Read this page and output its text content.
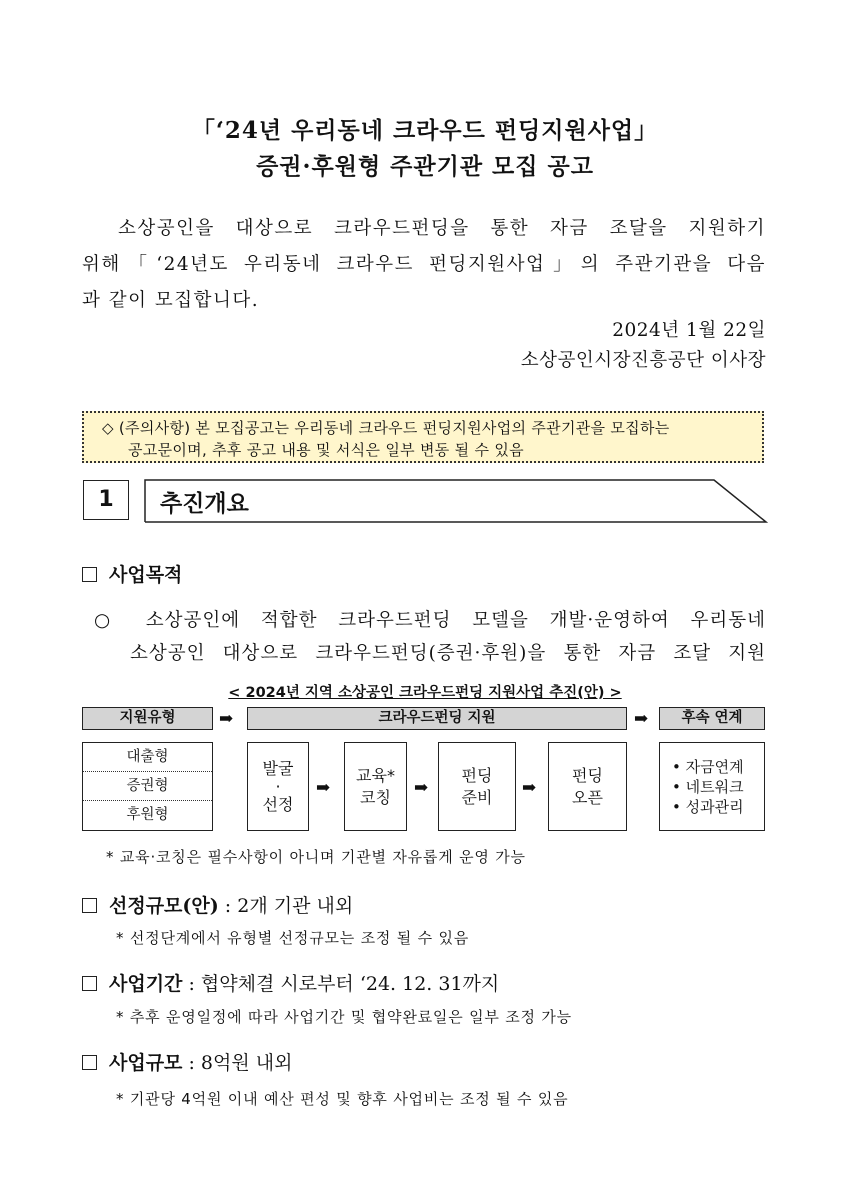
「‘24년 우리동네 크라우드 펀딩지원사업」
증권·후원형 주관기관 모집 공고
소상공인을 대상으로 크라우드펀딩을 통한 자금 조달을 지원하기
위해「‘24년도 우리동네 크라우드 펀딩지원사업」의 주관기관을 다음
과 같이 모집합니다.
2024년 1월 22일
소상공인시장진흥공단 이사장
◇ (주의사항) 본 모집공고는 우리동네 크라우드 펀딩지원사업의 주관기관을 모집하는
공고문이며, 추후 공고 내용 및 서식은 일부 변동 될 수 있음
1	추진개요
사업목적
○ 소상공인에 적합한 크라우드펀딩 모델을 개발·운영하여 우리동네
소상공인 대상으로 크라우드펀딩(증권·후원)을 통한 자금 조달 지원
< 2024년 지역 소상공인 크라우드펀딩 지원사업 추진(안) >
지원유형	➡	크라우드펀딩 지원	➡	후속 연계
대출형
증권형
후원형
발굴
·
선정
➡
교육*
코칭	➡
펀딩
준비	➡
펀딩
오픈
• 자금연계
• 네트워크
• 성과관리
* 교육·코칭은 필수사항이 아니며 기관별 자유롭게 운영 가능
선정규모(안) : 2개 기관 내외
* 선정단계에서 유형별 선정규모는 조정 될 수 있음
사업기간 : 협약체결 시로부터 ‘24. 12. 31까지
* 추후 운영일정에 따라 사업기간 및 협약완료일은 일부 조정 가능
사업규모 : 8억원 내외
* 기관당 4억원 이내 예산 편성 및 향후 사업비는 조정 될 수 있음
